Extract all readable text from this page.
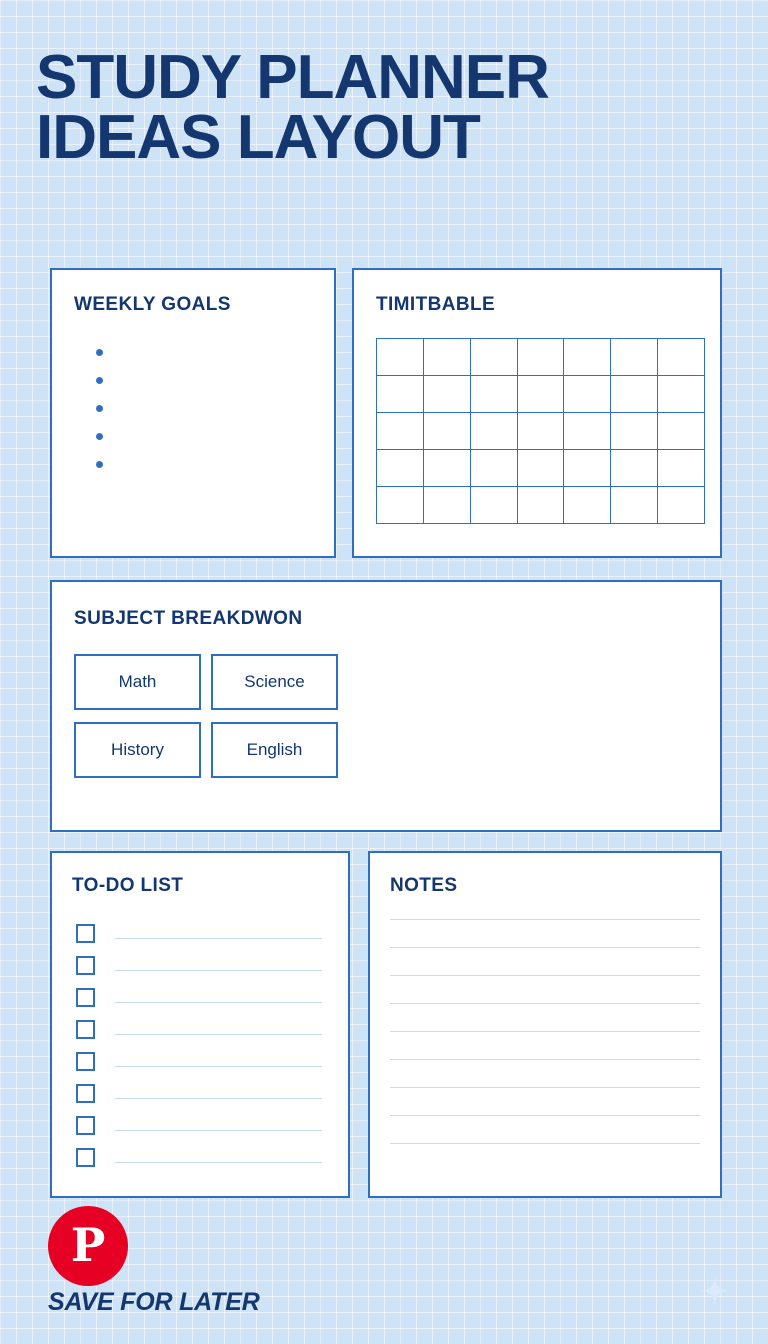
STUDY PLANNER
IDEAS LAYOUT
WEEKLY GOALS	TIMITBABLE
SUBJECT BREAKDWON
Math	Science
History	English
TO-DO LIST	NOTES
P
SAVE FOR LATER
